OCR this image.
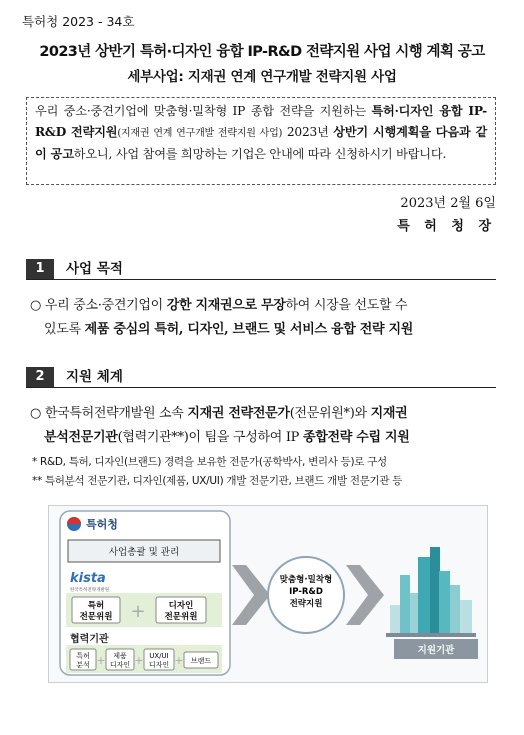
특허청 2023 - 34호
2023년 상반기 특허·디자인 융합 IP-R&D 전략지원 사업 시행 계획 공고
세부사업: 지재권 연계 연구개발 전략지원 사업
우리 중소·중견기업에 맞춤형·밀착형 IP 종합 전략을 지원하는 특허·디자인 융합 IP-R&D 전략지원(지재권 연계 연구개발 전략지원 사업) 2023년 상반기 시행계획을 다음과 같이 공고하오니, 사업 참여를 희망하는 기업은 안내에 따라 신청하시기 바랍니다.
2023년 2월 6일
특 허 청 장
1	사업 목적
○ 우리 중소·중견기업이 강한 지재권으로 무장하여 시장을 선도할 수
있도록 제품 중심의 특허, 디자인, 브랜드 및 서비스 융합 전략 지원
2	지원 체계
○ 한국특허전략개발원 소속 지재권 전략전문가(전문위원*)와 지재권
분석전문기관(협력기관**)이 팀을 구성하여 IP 종합전략 수립 지원
* R&D, 특허, 디자인(브랜드) 경력을 보유한 전문가(공학박사, 변리사 등)로 구성
** 특허분석 전문기관, 디자인(제품, UX/UI) 개발 전문기관, 브랜드 개발 전문기관 등
특허청
사업총괄 및 관리
kista
한국특허전략개발원
특허
전문위원 +	디자인
전문위원
협력기관
특허
분석 + 제품
디자인 + UX/UI
디자인 + 브랜드
맞춤형·밀착형
IP-R&D
전략지원
지원기관
